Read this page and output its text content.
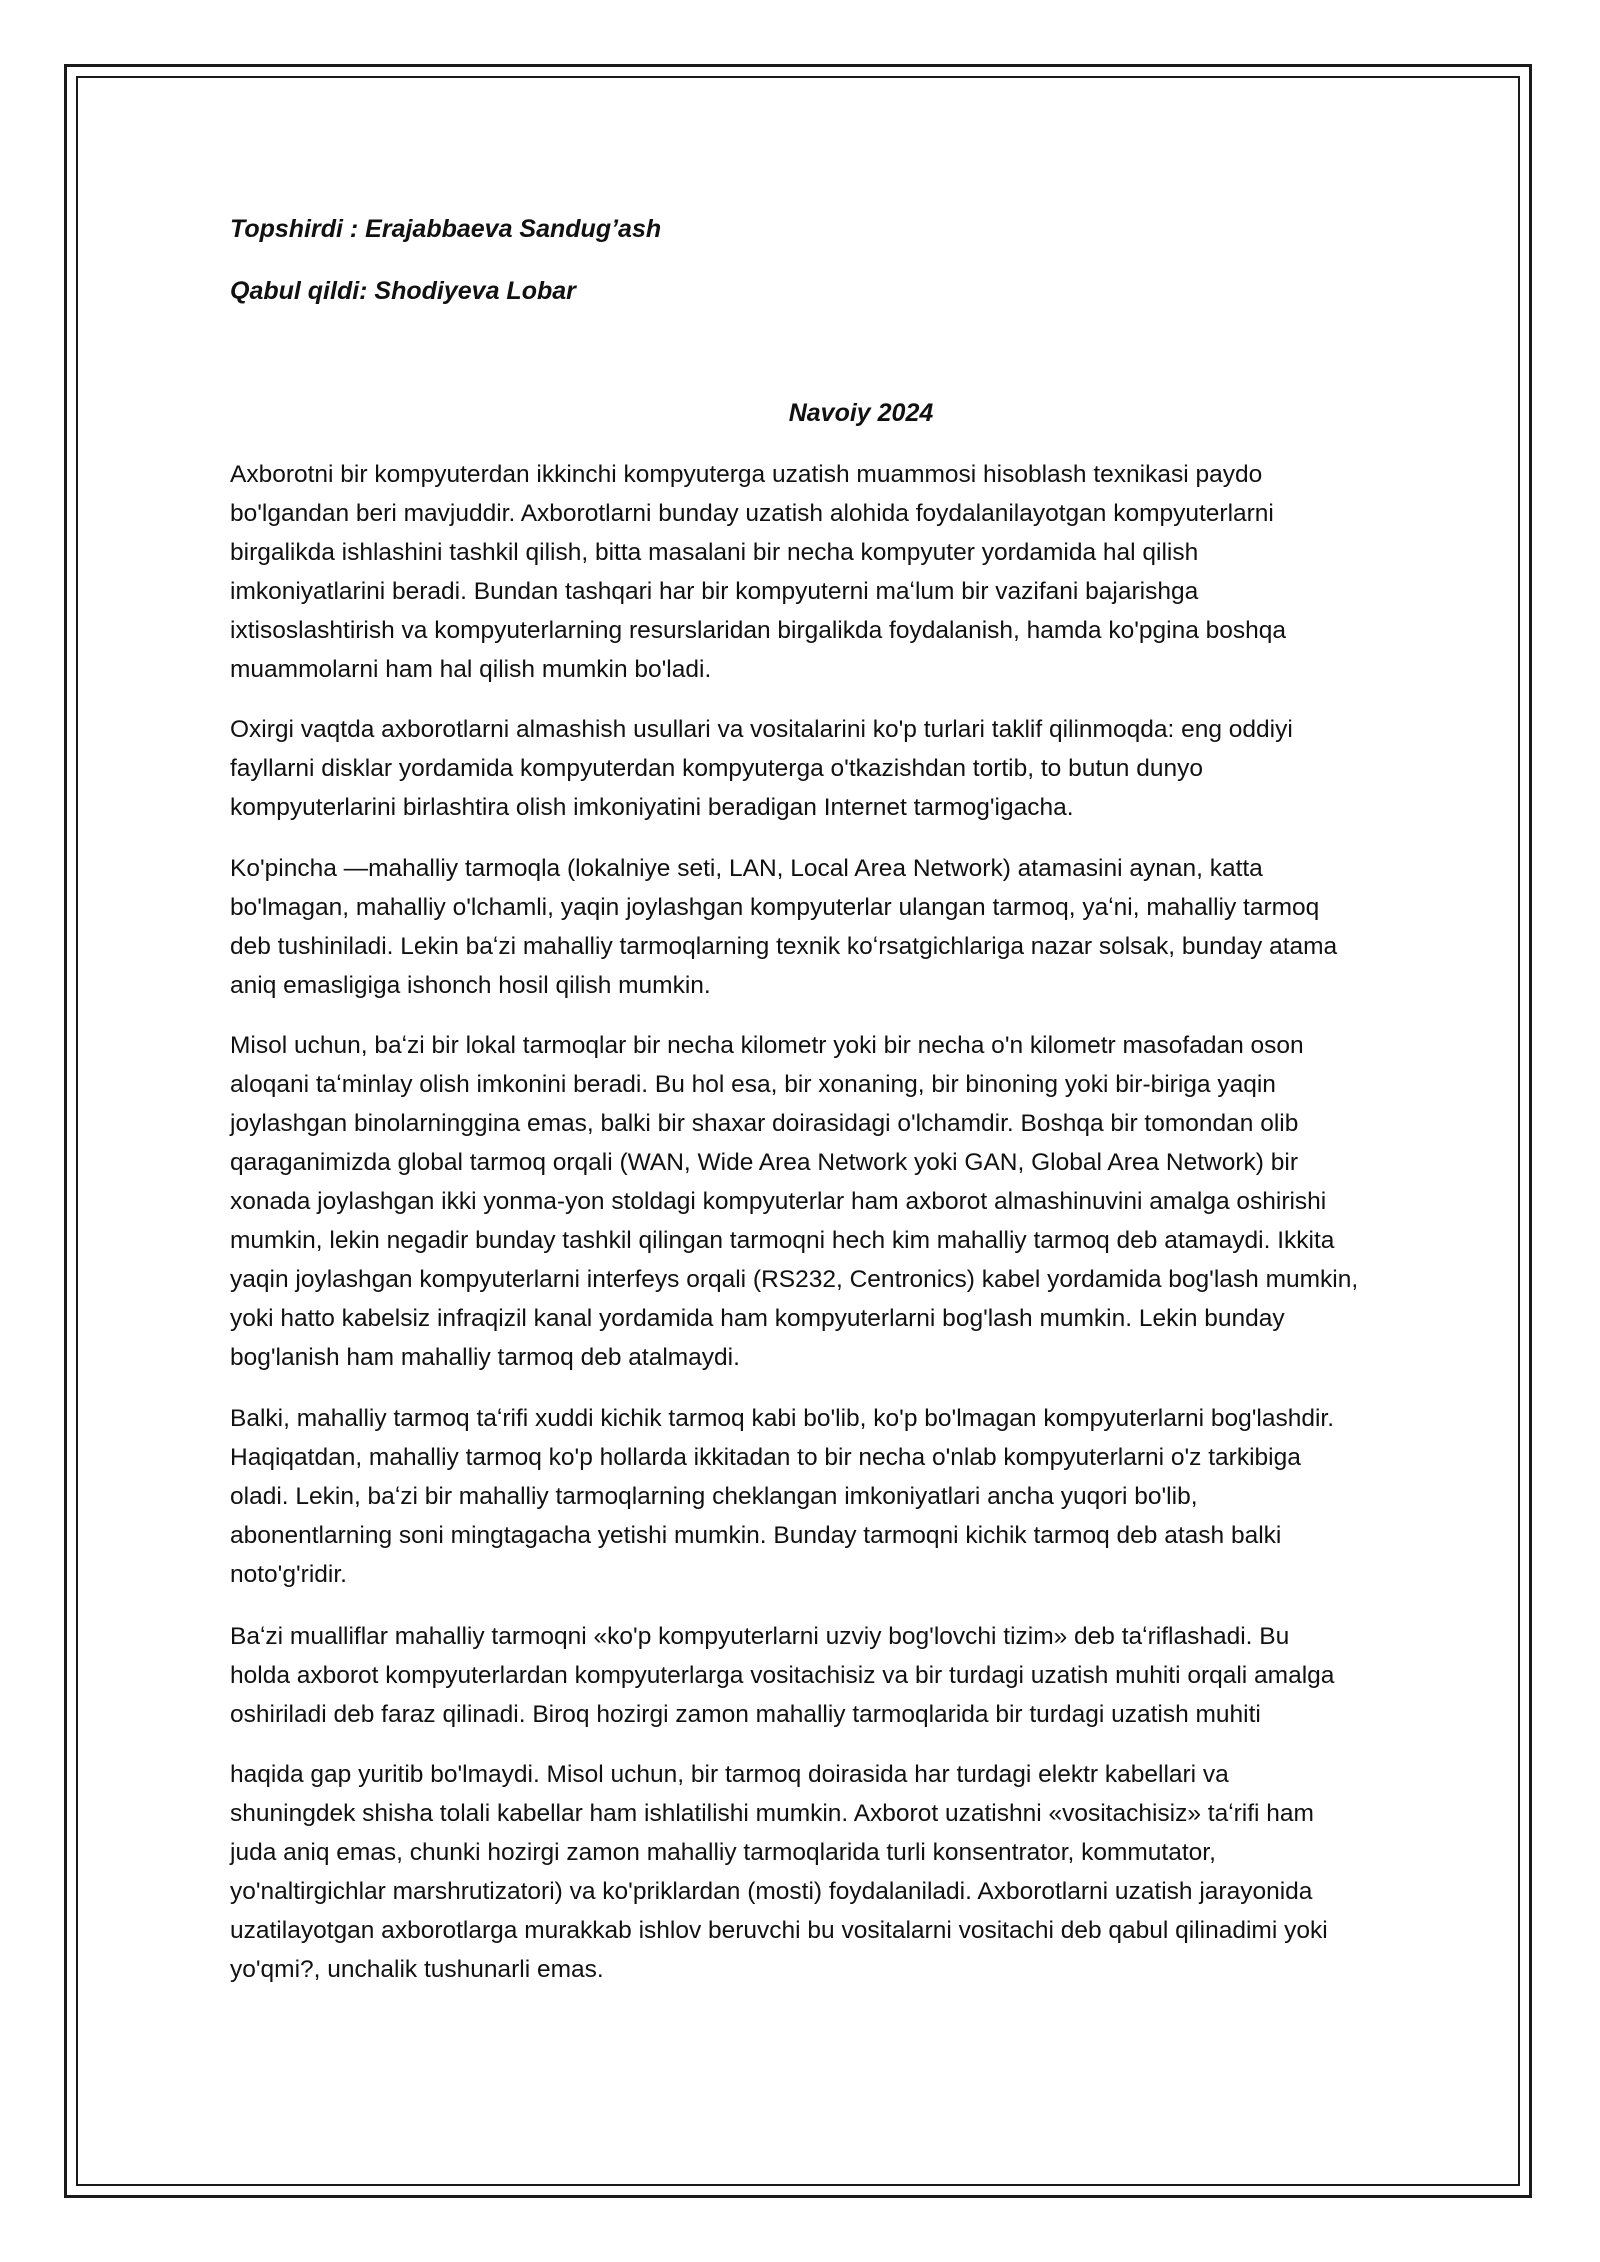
Topshirdi : Erajabbaeva Sandug’ash
Qabul qildi: Shodiyeva Lobar
Navoiy 2024

Axborotni bir kompyuterdan ikkinchi kompyuterga uzatish muammosi hisoblash texnikasi paydo
bo'lgandan beri mavjuddir. Axborotlarni bunday uzatish alohida foydalanilayotgan kompyuterlarni
birgalikda ishlashini tashkil qilish, bitta masalani bir necha kompyuter yordamida hal qilish
imkoniyatlarini beradi. Bundan tashqari har bir kompyuterni maʻlum bir vazifani bajarishga
ixtisoslashtirish va kompyuterlarning resurslaridan birgalikda foydalanish, hamda ko'pgina boshqa
muammolarni ham hal qilish mumkin bo'ladi.

Oxirgi vaqtda axborotlarni almashish usullari va vositalarini ko'p turlari taklif qilinmoqda: eng oddiyi
fayllarni disklar yordamida kompyuterdan kompyuterga o'tkazishdan tortib, to butun dunyo
kompyuterlarini birlashtira olish imkoniyatini beradigan Internet tarmog'igacha.

Ko'pincha ―mahalliy tarmoqla (lokalniye seti, LAN, Local Area Network) atamasini aynan, katta
bo'lmagan, mahalliy o'lchamli, yaqin joylashgan kompyuterlar ulangan tarmoq, yaʻni, mahalliy tarmoq
deb tushiniladi. Lekin baʻzi mahalliy tarmoqlarning texnik koʻrsatgichlariga nazar solsak, bunday atama
aniq emasligiga ishonch hosil qilish mumkin.

Misol uchun, baʻzi bir lokal tarmoqlar bir necha kilometr yoki bir necha o'n kilometr masofadan oson
aloqani taʻminlay olish imkonini beradi. Bu hol esa, bir xonaning, bir binoning yoki bir-biriga yaqin
joylashgan binolarninggina emas, balki bir shaxar doirasidagi o'lchamdir. Boshqa bir tomondan olib
qaraganimizda global tarmoq orqali (WAN, Wide Area Network yoki GAN, Global Area Network) bir
xonada joylashgan ikki yonma-yon stoldagi kompyuterlar ham axborot almashinuvini amalga oshirishi
mumkin, lekin negadir bunday tashkil qilingan tarmoqni hech kim mahalliy tarmoq deb atamaydi. Ikkita
yaqin joylashgan kompyuterlarni interfeys orqali (RS232, Centronics) kabel yordamida bog'lash mumkin,
yoki hatto kabelsiz infraqizil kanal yordamida ham kompyuterlarni bog'lash mumkin. Lekin bunday
bog'lanish ham mahalliy tarmoq deb atalmaydi.

Balki, mahalliy tarmoq taʻrifi xuddi kichik tarmoq kabi bo'lib, ko'p bo'lmagan kompyuterlarni bog'lashdir.
Haqiqatdan, mahalliy tarmoq ko'p hollarda ikkitadan to bir necha o'nlab kompyuterlarni o'z tarkibiga
oladi. Lekin, baʻzi bir mahalliy tarmoqlarning cheklangan imkoniyatlari ancha yuqori bo'lib,
abonentlarning soni mingtagacha yetishi mumkin. Bunday tarmoqni kichik tarmoq deb atash balki
noto'g'ridir.

Baʻzi mualliflar mahalliy tarmoqni «ko'p kompyuterlarni uzviy bog'lovchi tizim» deb taʻriflashadi. Bu
holda axborot kompyuterlardan kompyuterlarga vositachisiz va bir turdagi uzatish muhiti orqali amalga
oshiriladi deb faraz qilinadi. Biroq hozirgi zamon mahalliy tarmoqlarida bir turdagi uzatish muhiti

haqida gap yuritib bo'lmaydi. Misol uchun, bir tarmoq doirasida har turdagi elektr kabellari va
shuningdek shisha tolali kabellar ham ishlatilishi mumkin. Axborot uzatishni «vositachisiz» taʻrifi ham
juda aniq emas, chunki hozirgi zamon mahalliy tarmoqlarida turli konsentrator, kommutator,
yo'naltirgichlar marshrutizatori) va ko'priklardan (mosti) foydalaniladi. Axborotlarni uzatish jarayonida
uzatilayotgan axborotlarga murakkab ishlov beruvchi bu vositalarni vositachi deb qabul qilinadimi yoki
yo'qmi?, unchalik tushunarli emas.
